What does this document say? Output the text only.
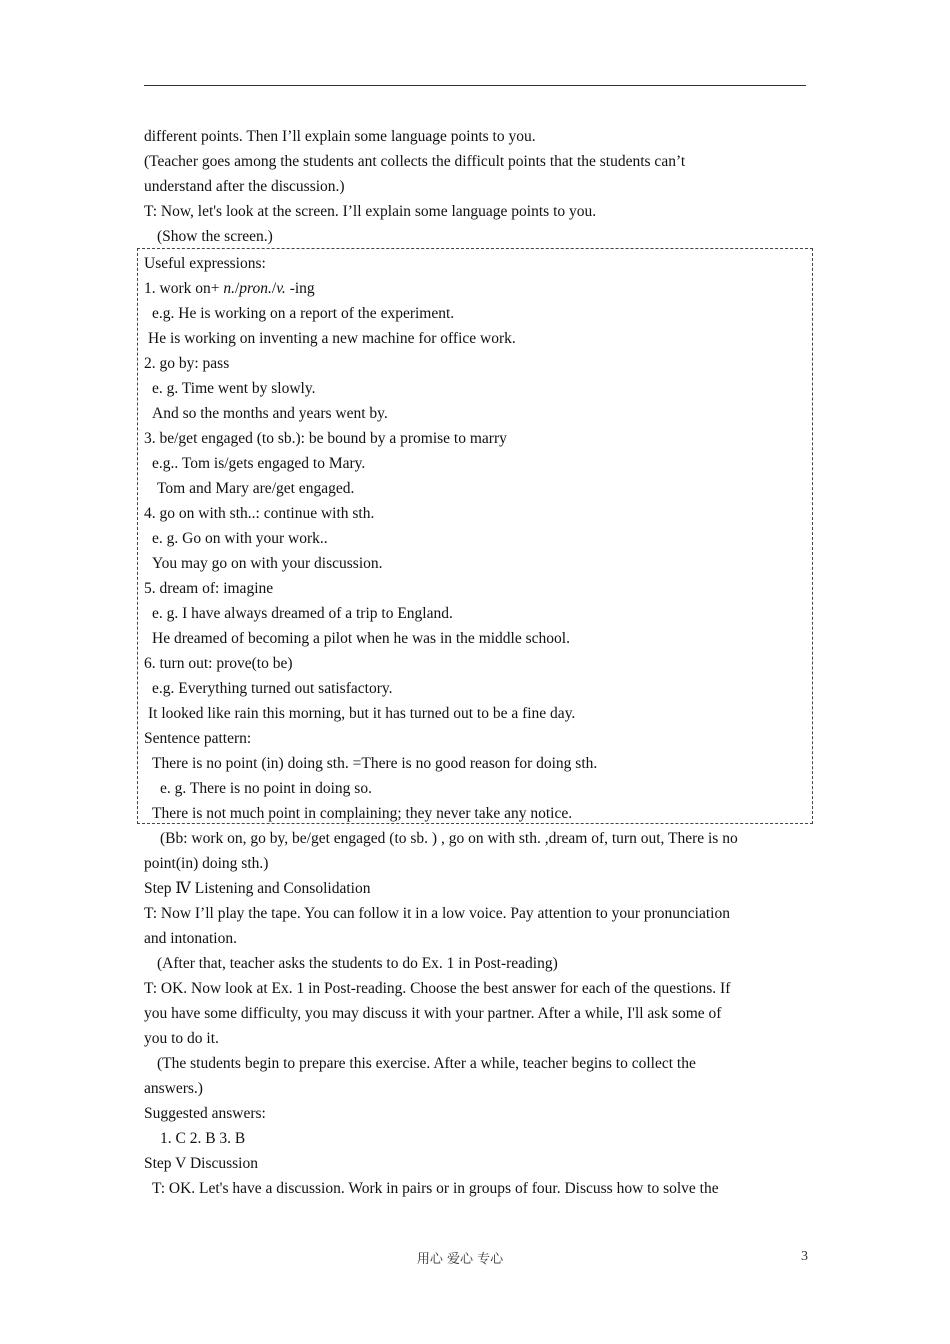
different points. Then I’ll explain some language points to you.
(Teacher goes among the students ant collects the difficult points that the students can’t
understand after the discussion.)
T: Now, let's look at the screen. I’ll explain some language points to you.
(Show the screen.)
Useful expressions:
1. work on+ n./pron./v. -ing
e.g. He is working on a report of the experiment.
He is working on inventing a new machine for office work.
2. go by: pass
e. g. Time went by slowly.
And so the months and years went by.
3. be/get engaged (to sb.): be bound by a promise to marry
e.g.. Tom is/gets engaged to Mary.
Tom and Mary are/get engaged.
4. go on with sth..: continue with sth.
e. g. Go on with your work..
You may go on with your discussion.
5. dream of: imagine
e. g. I have always dreamed of a trip to England.
He dreamed of becoming a pilot when he was in the middle school.
6. turn out: prove(to be)
e.g. Everything turned out satisfactory.
It looked like rain this morning, but it has turned out to be a fine day.
Sentence pattern:
There is no point (in) doing sth. =There is no good reason for doing sth.
e. g. There is no point in doing so.
There is not much point in complaining; they never take any notice.
(Bb: work on, go by, be/get engaged (to sb. ) , go on with sth. ,dream of, turn out, There is no
point(in) doing sth.)
Step Ⅳ Listening and Consolidation
T: Now I’ll play the tape. You can follow it in a low voice. Pay attention to your pronunciation
and intonation.
(After that, teacher asks the students to do Ex. 1 in Post-reading)
T: OK. Now look at Ex. 1 in Post-reading. Choose the best answer for each of the questions. If
you have some difficulty, you may discuss it with your partner. After a while, I'll ask some of
you to do it.
(The students begin to prepare this exercise. After a while, teacher begins to collect the
answers.)
Suggested answers:
1. C 2. B 3. B
Step V Discussion
T: OK. Let's have a discussion. Work in pairs or in groups of four. Discuss how to solve the
用心 爱心 专心	3
